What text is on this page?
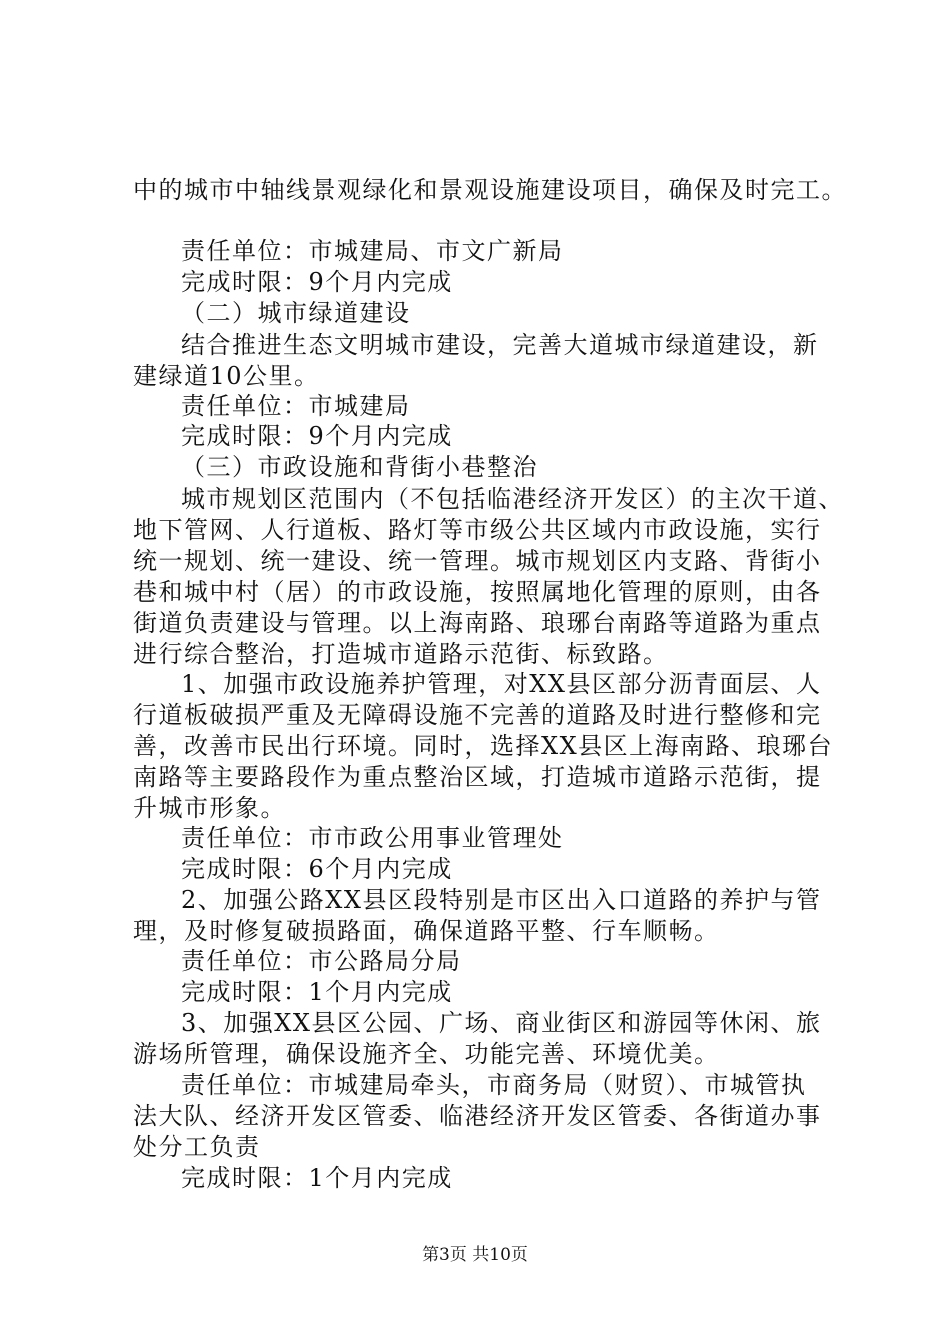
中的城市中轴线景观绿化和景观设施建设项目，确保及时完工。
责任单位：市城建局、市文广新局
完成时限：9个月内完成
（二）城市绿道建设
结合推进生态文明城市建设，完善大道城市绿道建设，新
建绿道10公里。
责任单位：市城建局
完成时限：9个月内完成
（三）市政设施和背街小巷整治
城市规划区范围内（不包括临港经济开发区）的主次干道、
地下管网、人行道板、路灯等市级公共区域内市政设施，实行
统一规划、统一建设、统一管理。城市规划区内支路、背街小
巷和城中村（居）的市政设施，按照属地化管理的原则，由各
街道负责建设与管理。以上海南路、琅琊台南路等道路为重点
进行综合整治，打造城市道路示范街、标致路。
1、加强市政设施养护管理，对XX县区部分沥青面层、人
行道板破损严重及无障碍设施不完善的道路及时进行整修和完
善，改善市民出行环境。同时，选择XX县区上海南路、琅琊台
南路等主要路段作为重点整治区域，打造城市道路示范街，提
升城市形象。
责任单位：市市政公用事业管理处
完成时限：6个月内完成
2、加强公路XX县区段特别是市区出入口道路的养护与管
理，及时修复破损路面，确保道路平整、行车顺畅。
责任单位：市公路局分局
完成时限：1个月内完成
3、加强XX县区公园、广场、商业街区和游园等休闲、旅
游场所管理，确保设施齐全、功能完善、环境优美。
责任单位：市城建局牵头，市商务局（财贸）、市城管执
法大队、经济开发区管委、临港经济开发区管委、各街道办事
处分工负责
完成时限：1个月内完成
第3页 共10页
